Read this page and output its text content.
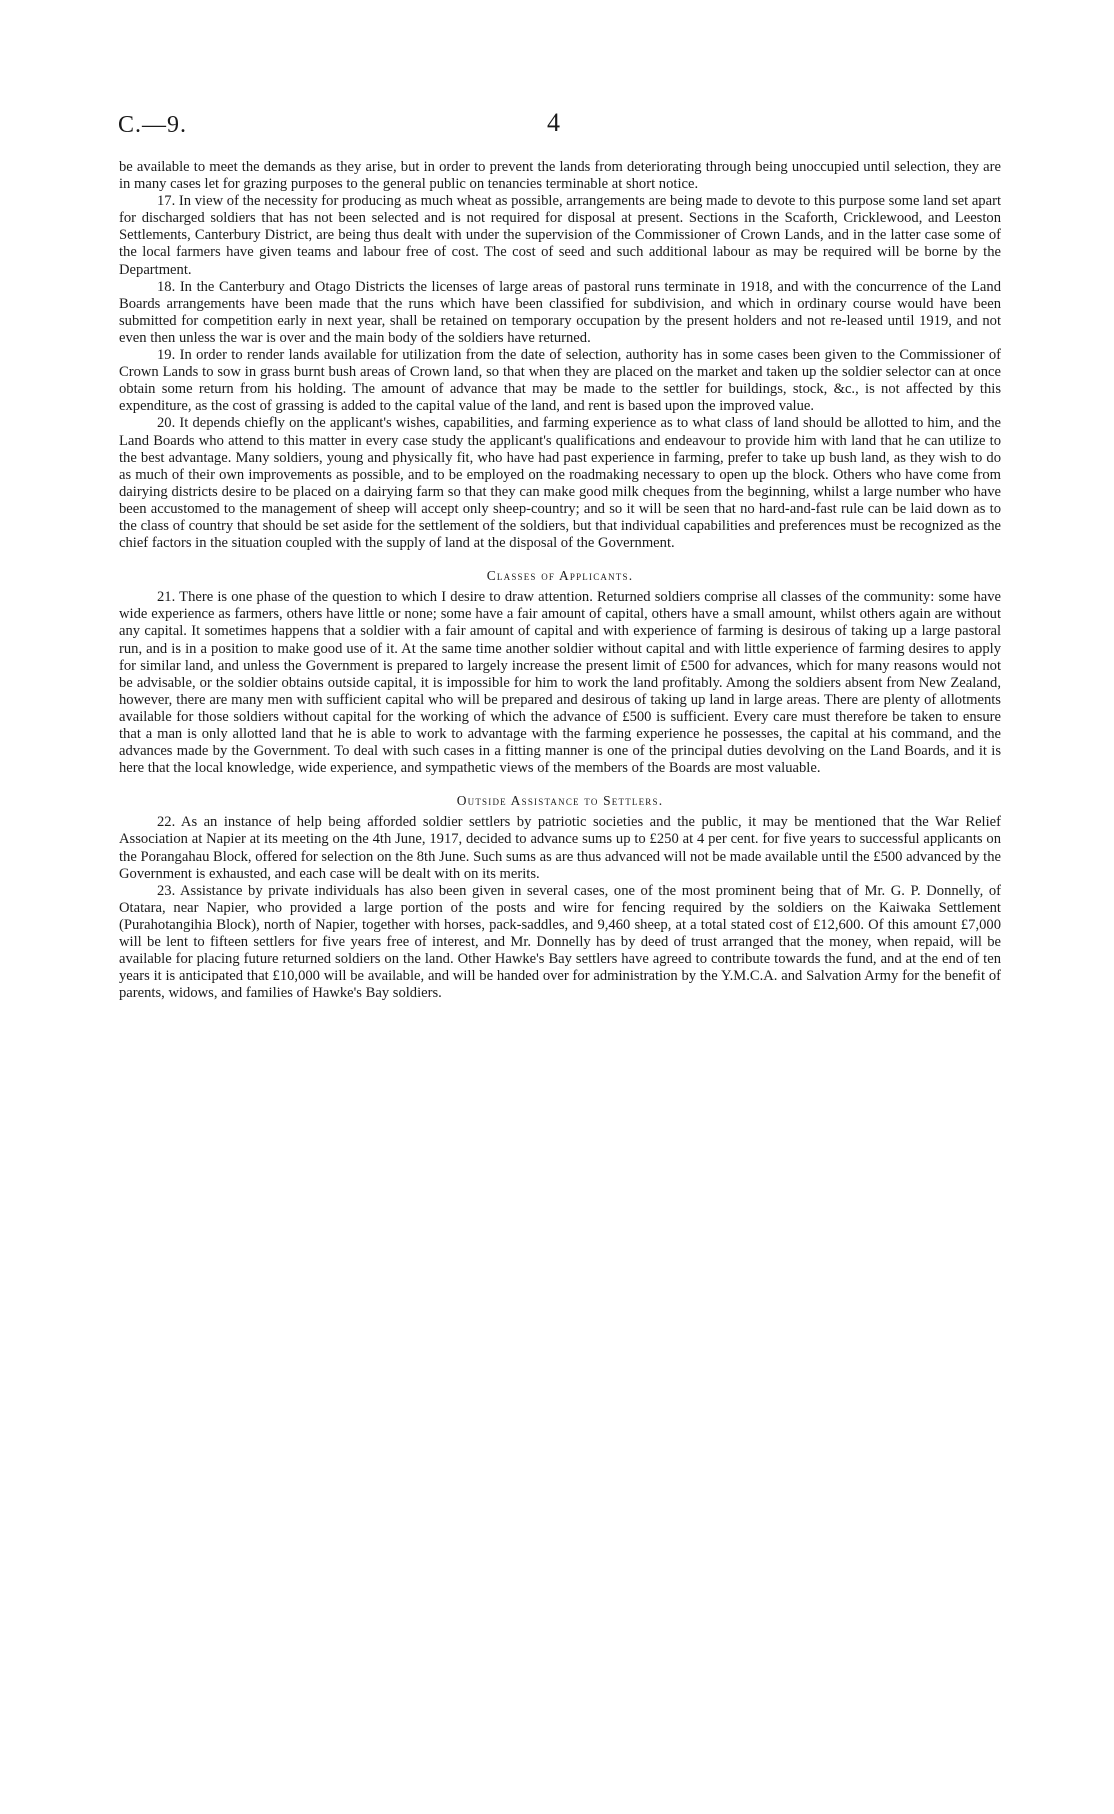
C.—9.	4

be available to meet the demands as they arise, but in order to prevent the lands from deteriorating through being unoccupied until selection, they are in many cases let for grazing purposes to the general public on tenancies terminable at short notice.

17. In view of the necessity for producing as much wheat as possible, arrangements are being made to devote to this purpose some land set apart for discharged soldiers that has not been selected and is not required for disposal at present. Sections in the Scaforth, Cricklewood, and Leeston Settlements, Canterbury District, are being thus dealt with under the supervision of the Commissioner of Crown Lands, and in the latter case some of the local farmers have given teams and labour free of cost. The cost of seed and such additional labour as may be required will be borne by the Department.

18. In the Canterbury and Otago Districts the licenses of large areas of pastoral runs terminate in 1918, and with the concurrence of the Land Boards arrangements have been made that the runs which have been classified for subdivision, and which in ordinary course would have been submitted for competition early in next year, shall be retained on temporary occupation by the present holders and not re-leased until 1919, and not even then unless the war is over and the main body of the soldiers have returned.

19. In order to render lands available for utilization from the date of selection, authority has in some cases been given to the Commissioner of Crown Lands to sow in grass burnt bush areas of Crown land, so that when they are placed on the market and taken up the soldier selector can at once obtain some return from his holding. The amount of advance that may be made to the settler for buildings, stock, &c., is not affected by this expenditure, as the cost of grassing is added to the capital value of the land, and rent is based upon the improved value.

20. It depends chiefly on the applicant's wishes, capabilities, and farming experience as to what class of land should be allotted to him, and the Land Boards who attend to this matter in every case study the applicant's qualifications and endeavour to provide him with land that he can utilize to the best advantage. Many soldiers, young and physically fit, who have had past experience in farming, prefer to take up bush land, as they wish to do as much of their own improvements as possible, and to be employed on the roadmaking necessary to open up the block. Others who have come from dairying districts desire to be placed on a dairying farm so that they can make good milk cheques from the beginning, whilst a large number who have been accustomed to the management of sheep will accept only sheep-country; and so it will be seen that no hard-and-fast rule can be laid down as to the class of country that should be set aside for the settlement of the soldiers, but that individual capabilities and preferences must be recognized as the chief factors in the situation coupled with the supply of land at the disposal of the Government.

Classes of Applicants.

21. There is one phase of the question to which I desire to draw attention. Returned soldiers comprise all classes of the community: some have wide experience as farmers, others have little or none; some have a fair amount of capital, others have a small amount, whilst others again are without any capital. It sometimes happens that a soldier with a fair amount of capital and with experience of farming is desirous of taking up a large pastoral run, and is in a position to make good use of it. At the same time another soldier without capital and with little experience of farming desires to apply for similar land, and unless the Government is prepared to largely increase the present limit of £500 for advances, which for many reasons would not be advisable, or the soldier obtains outside capital, it is impossible for him to work the land profitably. Among the soldiers absent from New Zealand, however, there are many men with sufficient capital who will be prepared and desirous of taking up land in large areas. There are plenty of allotments available for those soldiers without capital for the working of which the advance of £500 is sufficient. Every care must therefore be taken to ensure that a man is only allotted land that he is able to work to advantage with the farming experience he possesses, the capital at his command, and the advances made by the Government. To deal with such cases in a fitting manner is one of the principal duties devolving on the Land Boards, and it is here that the local knowledge, wide experience, and sympathetic views of the members of the Boards are most valuable.

Outside Assistance to Settlers.

22. As an instance of help being afforded soldier settlers by patriotic societies and the public, it may be mentioned that the War Relief Association at Napier at its meeting on the 4th June, 1917, decided to advance sums up to £250 at 4 per cent. for five years to successful applicants on the Porangahau Block, offered for selection on the 8th June. Such sums as are thus advanced will not be made available until the £500 advanced by the Government is exhausted, and each case will be dealt with on its merits.

23. Assistance by private individuals has also been given in several cases, one of the most prominent being that of Mr. G. P. Donnelly, of Otatara, near Napier, who provided a large portion of the posts and wire for fencing required by the soldiers on the Kaiwaka Settlement (Purahotangihia Block), north of Napier, together with horses, pack-saddles, and 9,460 sheep, at a total stated cost of £12,600. Of this amount £7,000 will be lent to fifteen settlers for five years free of interest, and Mr. Donnelly has by deed of trust arranged that the money, when repaid, will be available for placing future returned soldiers on the land. Other Hawke's Bay settlers have agreed to contribute towards the fund, and at the end of ten years it is anticipated that £10,000 will be available, and will be handed over for administration by the Y.M.C.A. and Salvation Army for the benefit of parents, widows, and families of Hawke's Bay soldiers.
